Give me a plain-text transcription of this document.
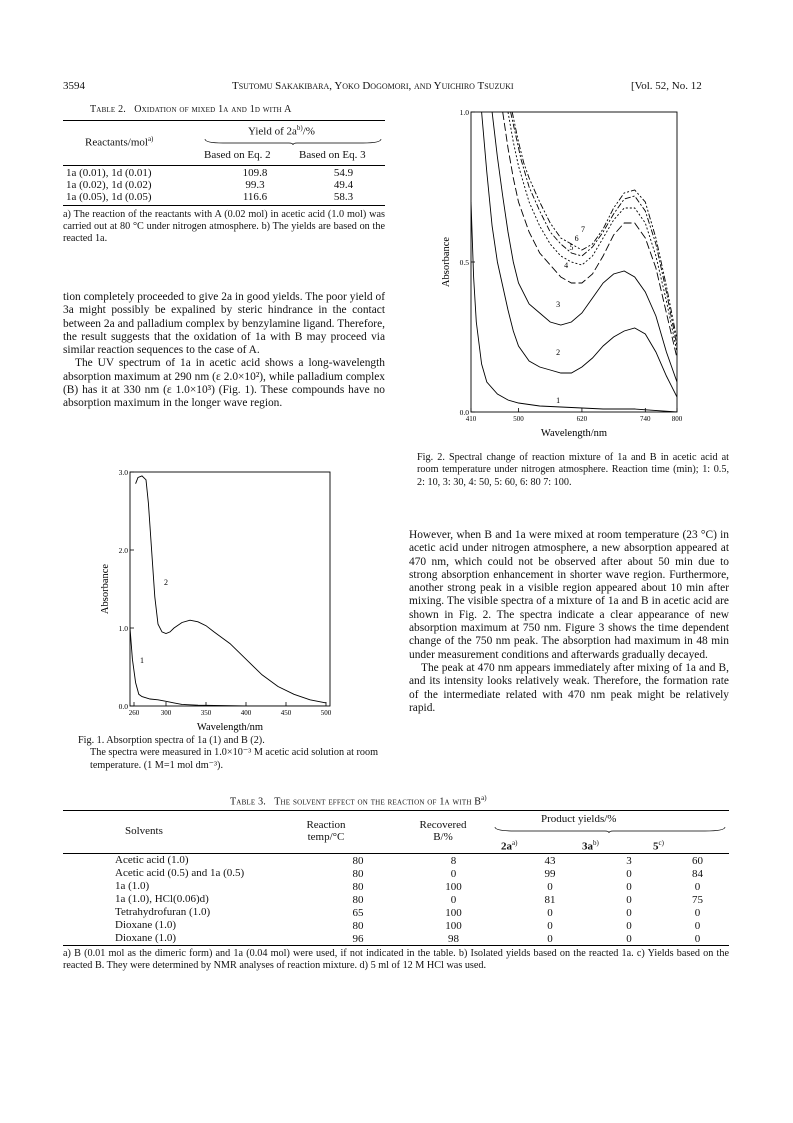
3594	Tsutomu Sakakibara, Yoko Dogomori, and Yuichiro Tsuzuki	[Vol. 52, No. 12
Table 2. Oxidation of mixed 1a and 1d with A
Reactants/mol$^{a)}$
Yield of $2a^{b)}/\%$
Based on Eq. 2	Based on Eq. 3
1a (0.01), 1d (0.01)	109.8	54.9
1a (0.02), 1d (0.02)	99.3	49.4
1a (0.05), 1d (0.05)	116.6	58.3
a) The reaction of the reactants with A (0.02 mol) in acetic acid (1.0 mol) was carried out at 80 °C under nitrogen atmosphere. b) The yields are based on the reacted 1a.

tion completely proceeded to give 2a in good yields. The poor yield of 3a might possibly be expalined by steric hindrance in the contact between 2a and palladium complex by benzylamine ligand. Therefore, the result suggests that the oxidation of 1a with B may proceed via similar reaction sequences to the case of A.

The UV spectrum of 1a in acetic acid shows a long-wavelength absorption maximum at 290 nm (ε 2.0×10²), while palladium complex (B) has it at 330 nm (ε 1.0×10³) (Fig. 1). These compounds have no absorption maximum in the longer wave region.

260	300	350	400	450	500
0.0
1.0
2.0
3.0
Wavelength/nm
Absorbance
1
2
Fig. 1. Absorption spectra of 1a (1) and B (2).
The spectra were measured in 1.0×10⁻³ M acetic acid solution at room temperature. (1 M=1 mol dm⁻³).
410	500	620	740	800
0.0
0.5
1.0
Wavelength/nm
Absorbance
1
2
3
4
5
6
7
Fig. 2. Spectral change of reaction mixture of 1a and B in acetic acid at room temperature under nitrogen atmosphere. Reaction time (min); 1: 0.5, 2: 10, 3: 30, 4: 50, 5: 60, 6: 80 7: 100.

However, when B and 1a were mixed at room temperature (23 °C) in acetic acid under nitrogen atmosphere, a new absorption appeared at 470 nm, which could not be observed after about 50 min due to strong absorption enhancement in shorter wave region. Furthermore, another strong peak in a visible region appeared about 10 min after mixing. The visible spectra of a mixture of 1a and B in acetic acid are shown in Fig. 2. The spectra indicate a clear appearance of new absorption maximum at 750 nm. Figure 3 shows the time dependent change of the 750 nm peak. The absorption had maximum in 48 min under measurement conditions and afterwards gradually decayed.

The peak at 470 nm appears immediately after mixing of 1a and B, and its intensity looks relatively weak. Therefore, the formation rate of the intermediate related with 470 nm peak might be relatively rapid.

Table 3. The solvent effect on the reaction of 1a with $B^{a)}$
Solvents	Reaction
temp/°C
Recovered
B/%
Product yields/%
$2a^{a)}$	$3a^{b)}$	5$^{c)}$
Acetic acid (1.0)	80	8	43	3	60
Acetic acid (0.5) and 1a (0.5)	80	0	99	0	84
1a (1.0)	80	100	0	0	0
1a (1.0), HCl(0.06)d)	80	0	81	0	75
Tetrahydrofuran (1.0)	65	100	0	0	0
Dioxane (1.0)	80	100	0	0	0
Dioxane (1.0)	96	98	0	0	0
a) B (0.01 mol as the dimeric form) and 1a (0.04 mol) were used, if not indicated in the table. b) Isolated yields based on the reacted 1a. c) Yields based on the reacted B. They were determined by NMR analyses of reaction mixture. d) 5 ml of 12 M HCl was used.
